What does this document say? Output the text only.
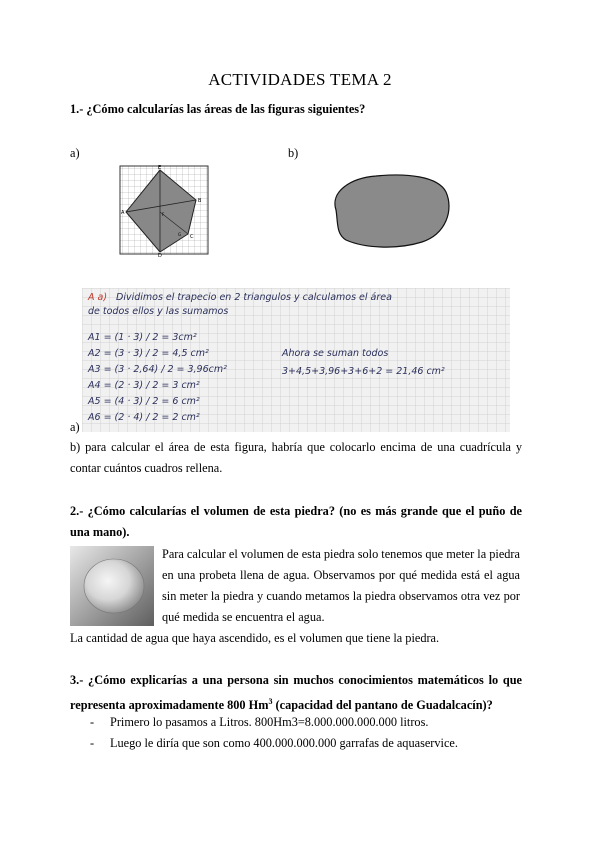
ACTIVIDADES TEMA 2
1.- ¿Cómo calcularías las áreas de las figuras siguientes?
a)	b)
E
A
B
C
D
F
G
A a) Dividimos el trapecio en 2 triangulos y calculamos el área
de todos ellos y las sumamos
A1 = (1 · 3) / 2 = 3cm²
A2 = (3 · 3) / 2 = 4,5 cm²
A3 = (3 · 2,64) / 2 = 3,96cm²
A4 = (2 · 3) / 2 = 3 cm²
A5 = (4 · 3) / 2 = 6 cm²
A6 = (2 · 4) / 2 = 2 cm²
Ahora se suman todos
3+4,5+3,96+3+6+2 = 21,46 cm²
a)
b) para calcular el área de esta figura, habría que colocarlo encima de una cuadrícula y contar cuántos cuadros rellena.
2.- ¿Cómo calcularías el volumen de esta piedra? (no es más grande que el puño de una mano).
Para calcular el volumen de esta piedra solo tenemos que meter la piedra en una probeta llena de agua. Observamos por qué medida está el agua sin meter la piedra y cuando metamos la piedra observamos otra vez por qué medida se encuentra el agua.
La cantidad de agua que haya ascendido, es el volumen que tiene la piedra.
3.- ¿Cómo explicarías a una persona sin muchos conocimientos matemáticos lo que representa aproximadamente 800 Hm$^3$ (capacidad del pantano de Guadalcacín)?
-	Primero lo pasamos a Litros. 800Hm3=8.000.000.000.000 litros.
-	Luego le diría que son como 400.000.000.000 garrafas de aquaservice.
